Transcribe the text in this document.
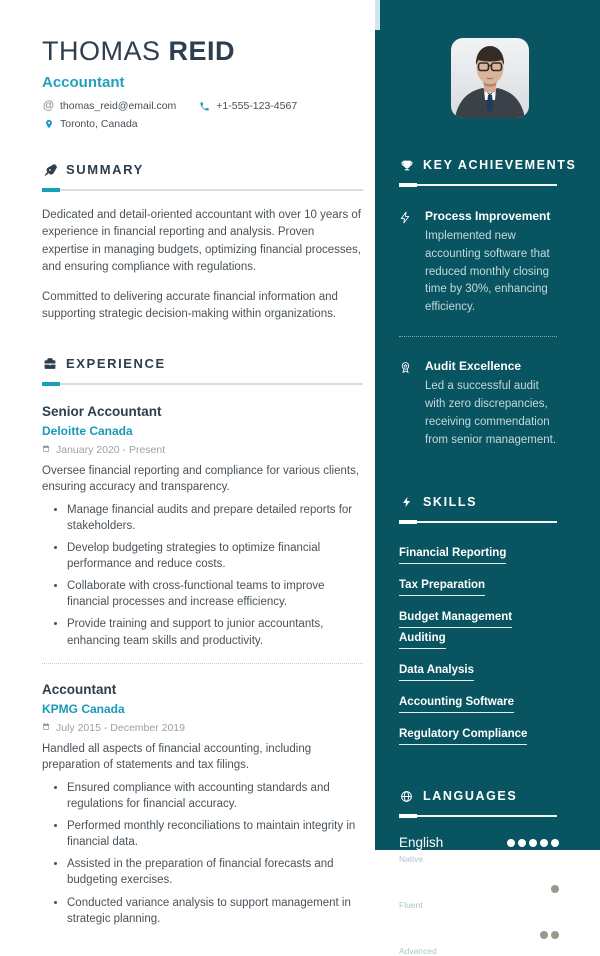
THOMAS REID
Accountant
@ thomas_reid@email.com	+1-555-123-4567
Toronto, Canada
SUMMARY

Dedicated and detail-oriented accountant with over 10 years of experience in financial reporting and analysis. Proven expertise in managing budgets, optimizing financial processes, and ensuring compliance with regulations.

Committed to delivering accurate financial information and supporting strategic decision-making within organizations.

EXPERIENCE
Senior Accountant
Deloitte Canada
January 2020 - Present
Oversee financial reporting and compliance for various clients, ensuring accuracy and transparency.
• Manage financial audits and prepare detailed reports for stakeholders.
• Develop budgeting strategies to optimize financial performance and reduce costs.
• Collaborate with cross-functional teams to improve financial processes and increase efficiency.
• Provide training and support to junior accountants, enhancing team skills and productivity.
Accountant
KPMG Canada
July 2015 - December 2019
Handled all aspects of financial accounting, including preparation of statements and tax filings.
• Ensured compliance with accounting standards and regulations for financial accuracy.
• Performed monthly reconciliations to maintain integrity in financial data.
• Assisted in the preparation of financial forecasts and budgeting exercises.
• Conducted variance analysis to support management in strategic planning.
KEY ACHIEVEMENTS
Process Improvement
Implemented new accounting software that reduced monthly closing time by 30%, enhancing efficiency.
Audit Excellence
Led a successful audit with zero discrepancies, receiving commendation from senior management.
SKILLS
Financial Reporting
Tax Preparation
Budget ManagementAuditing
Data Analysis
Accounting Software
Regulatory Compliance
LANGUAGES
English
Native
Mandarin
Fluent
French
Advanced
